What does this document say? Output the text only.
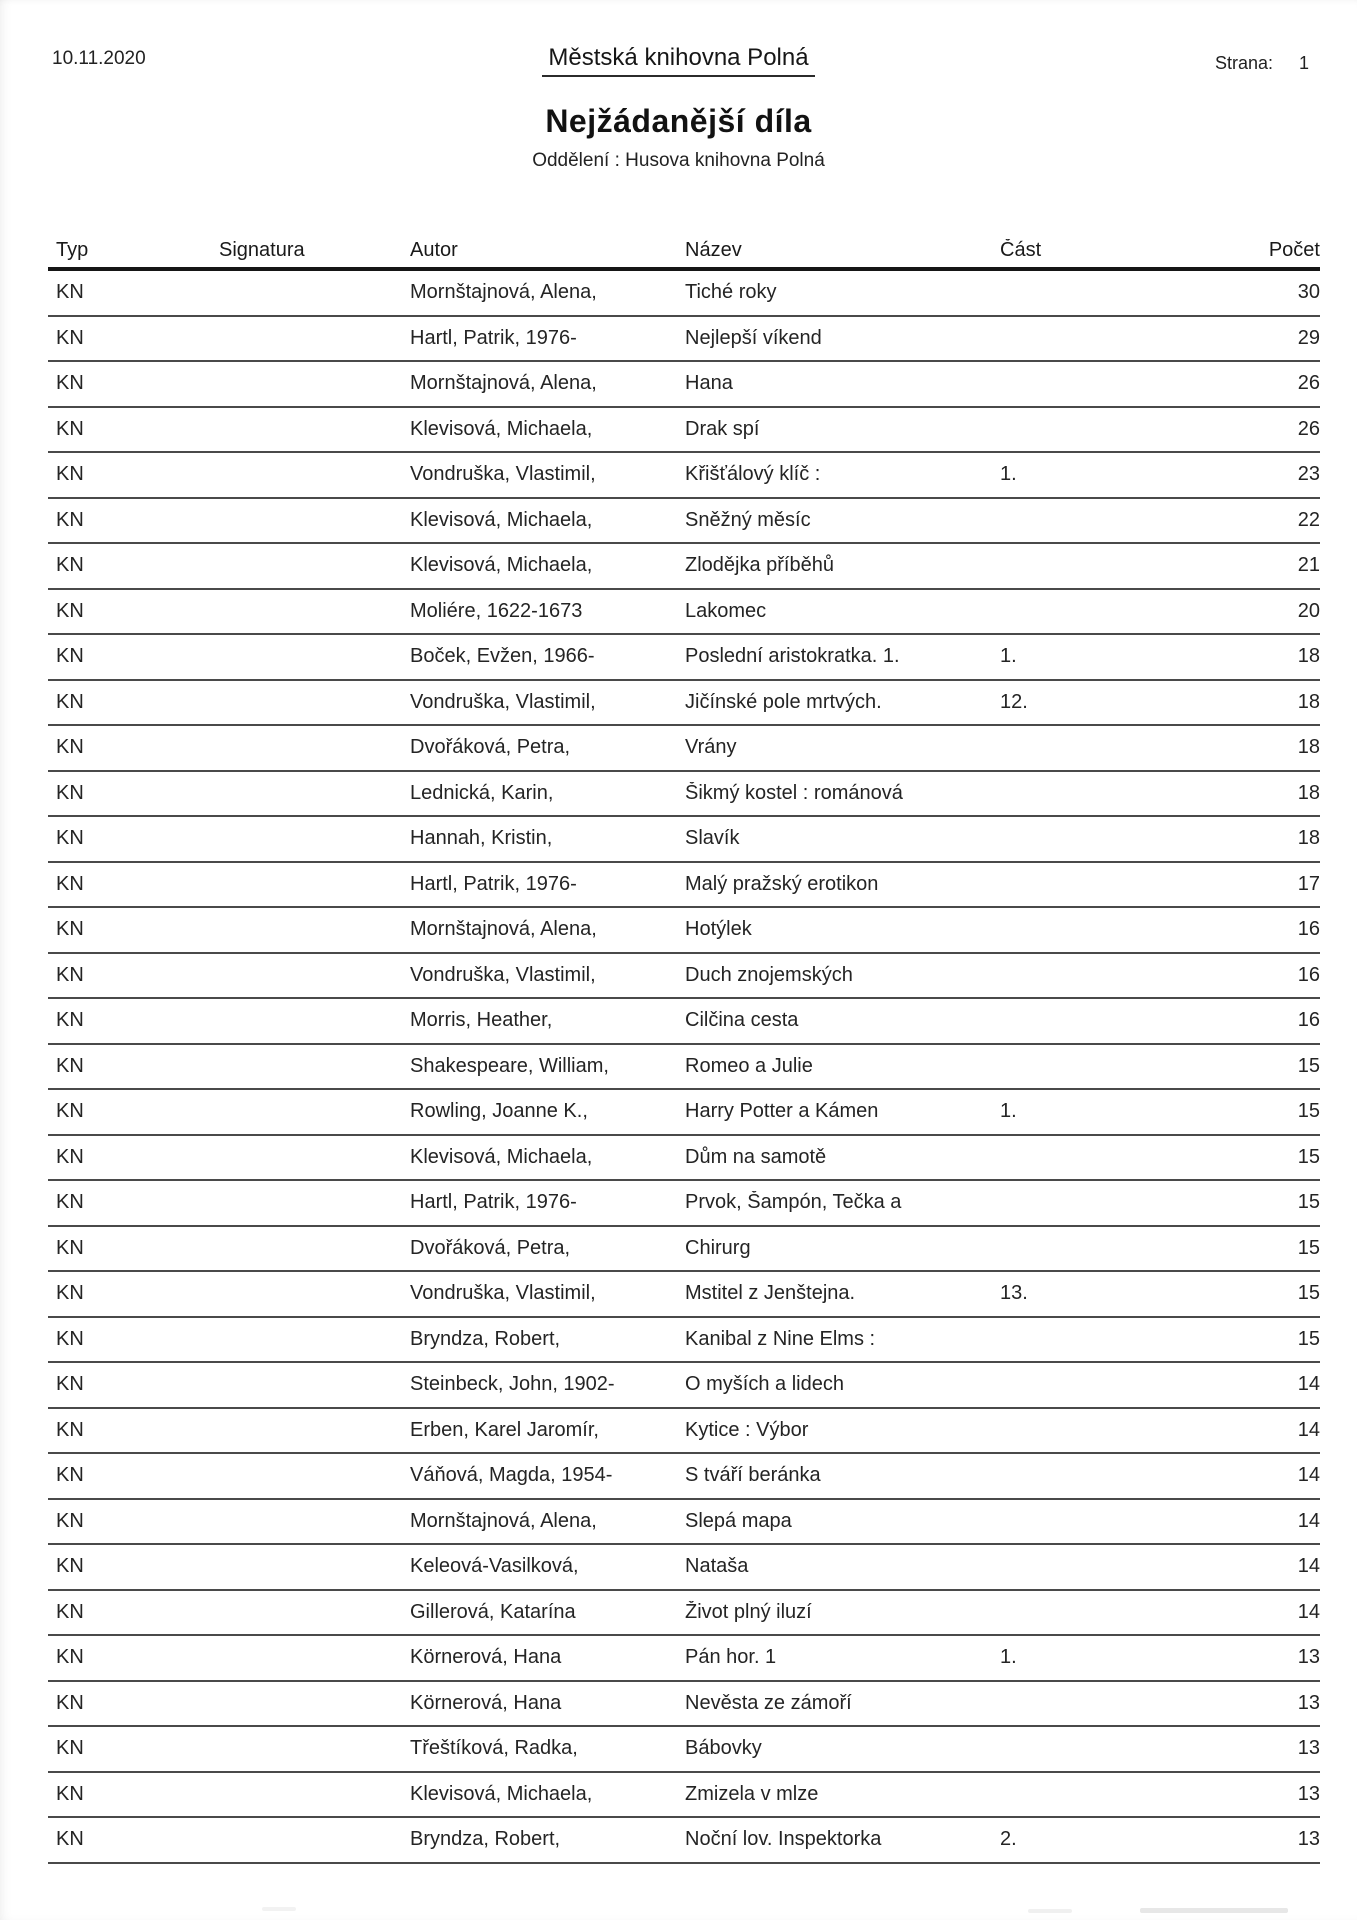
10.11.2020	Městská knihovna Polná	Strana: 1
Nejžádanější díla
Oddělení : Husova knihovna Polná
Typ	Signatura	Autor	Název	Část	Počet
KN	Mornštajnová, Alena,	Tiché roky	30
KN	Hartl, Patrik, 1976-	Nejlepší víkend	29
KN	Mornštajnová, Alena,	Hana	26
KN	Klevisová, Michaela,	Drak spí	26
KN	Vondruška, Vlastimil,	Křišťálový klíč :	1.	23
KN	Klevisová, Michaela,	Sněžný měsíc	22
KN	Klevisová, Michaela,	Zlodějka příběhů	21
KN	Moliére, 1622-1673	Lakomec	20
KN	Boček, Evžen, 1966-	Poslední aristokratka. 1.	1.	18
KN	Vondruška, Vlastimil,	Jičínské pole mrtvých.	12.	18
KN	Dvořáková, Petra,	Vrány	18
KN	Lednická, Karin,	Šikmý kostel : románová	18
KN	Hannah, Kristin,	Slavík	18
KN	Hartl, Patrik, 1976-	Malý pražský erotikon	17
KN	Mornštajnová, Alena,	Hotýlek	16
KN	Vondruška, Vlastimil,	Duch znojemských	16
KN	Morris, Heather,	Cilčina cesta	16
KN	Shakespeare, William,	Romeo a Julie	15
KN	Rowling, Joanne K.,	Harry Potter a Kámen	1.	15
KN	Klevisová, Michaela,	Dům na samotě	15
KN	Hartl, Patrik, 1976-	Prvok, Šampón, Tečka a	15
KN	Dvořáková, Petra,	Chirurg	15
KN	Vondruška, Vlastimil,	Mstitel z Jenštejna.	13.	15
KN	Bryndza, Robert,	Kanibal z Nine Elms :	15
KN	Steinbeck, John, 1902-	O myších a lidech	14
KN	Erben, Karel Jaromír,	Kytice : Výbor	14
KN	Váňová, Magda, 1954-	S tváří beránka	14
KN	Mornštajnová, Alena,	Slepá mapa	14
KN	Keleová-Vasilková,	Nataša	14
KN	Gillerová, Katarína	Život plný iluzí	14
KN	Körnerová, Hana	Pán hor. 1	1.	13
KN	Körnerová, Hana	Nevěsta ze zámoří	13
KN	Třeštíková, Radka,	Bábovky	13
KN	Klevisová, Michaela,	Zmizela v mlze	13
KN	Bryndza, Robert,	Noční lov. Inspektorka	2.	13
